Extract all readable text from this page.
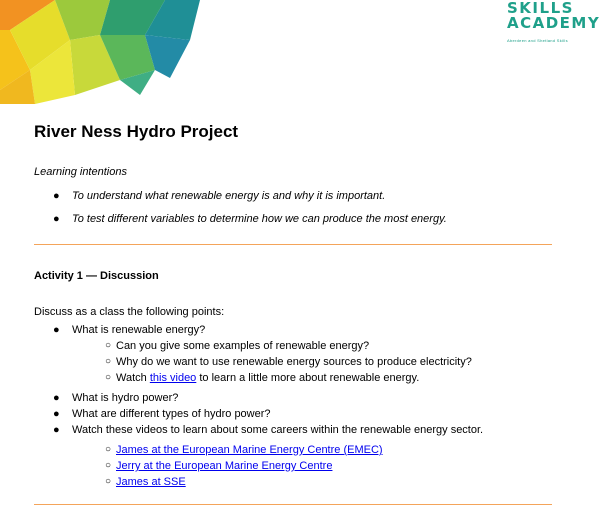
SKILLS
ACADEMY
Aberdeen and Shetland Skills
River Ness Hydro Project
Learning intentions
● To understand what renewable energy is and why it is important.
● To test different variables to determine how we can produce the most energy.
Activity 1 — Discussion
Discuss as a class the following points:
● What is renewable energy?
○ Can you give some examples of renewable energy?
○ Why do we want to use renewable energy sources to produce electricity?
○ Watch this video to learn a little more about renewable energy.
● What is hydro power?
● What are different types of hydro power?
● Watch these videos to learn about some careers within the renewable energy sector.
○ James at the European Marine Energy Centre (EMEC)
○ Jerry at the European Marine Energy Centre
○ James at SSE
